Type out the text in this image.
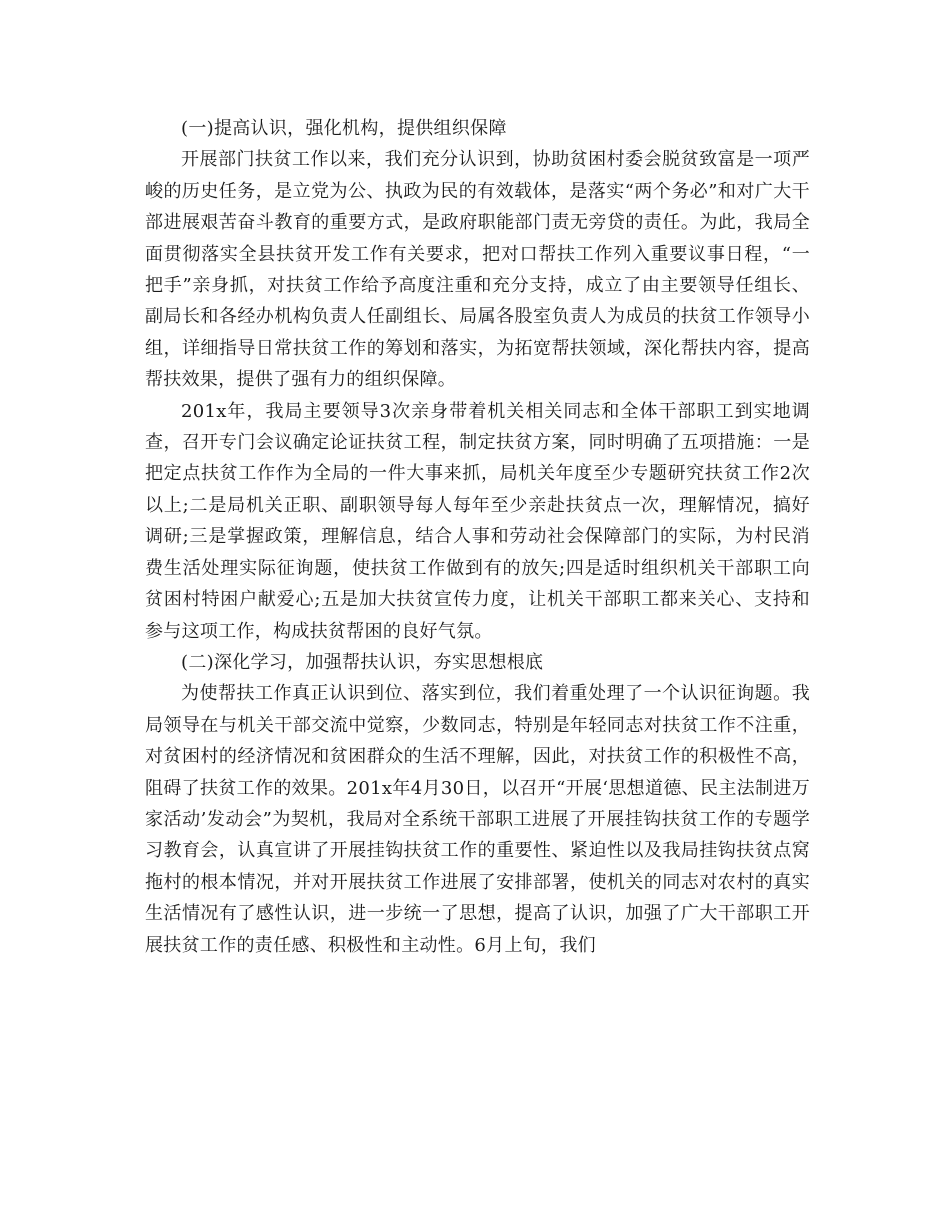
(一)提高认识，强化机构，提供组织保障

开展部门扶贫工作以来，我们充分认识到，协助贫困村委会脱贫致富是一项严峻的历史任务，是立党为公、执政为民的有效载体，是落实“两个务必”和对广大干部进展艰苦奋斗教育的重要方式，是政府职能部门责无旁贷的责任。为此，我局全面贯彻落实全县扶贫开发工作有关要求，把对口帮扶工作列入重要议事日程，“一把手”亲身抓，对扶贫工作给予高度注重和充分支持，成立了由主要领导任组长、副局长和各经办机构负责人任副组长、局属各股室负责人为成员的扶贫工作领导小组，详细指导日常扶贫工作的筹划和落实，为拓宽帮扶领域，深化帮扶内容，提高帮扶效果，提供了强有力的组织保障。

201x年，我局主要领导3次亲身带着机关相关同志和全体干部职工到实地调查，召开专门会议确定论证扶贫工程，制定扶贫方案，同时明确了五项措施：一是把定点扶贫工作作为全局的一件大事来抓，局机关年度至少专题研究扶贫工作2次以上;二是局机关正职、副职领导每人每年至少亲赴扶贫点一次，理解情况，搞好调研;三是掌握政策，理解信息，结合人事和劳动社会保障部门的实际，为村民消费生活处理实际征询题，使扶贫工作做到有的放矢;四是适时组织机关干部职工向贫困村特困户献爱心;五是加大扶贫宣传力度，让机关干部职工都来关心、支持和参与这项工作，构成扶贫帮困的良好气氛。

(二)深化学习，加强帮扶认识，夯实思想根底

为使帮扶工作真正认识到位、落实到位，我们着重处理了一个认识征询题。我局领导在与机关干部交流中觉察，少数同志，特别是年轻同志对扶贫工作不注重，对贫困村的经济情况和贫困群众的生活不理解，因此，对扶贫工作的积极性不高，阻碍了扶贫工作的效果。201x年4月30日，以召开“开展‘思想道德、民主法制进万家活动’发动会”为契机，我局对全系统干部职工进展了开展挂钩扶贫工作的专题学习教育会，认真宣讲了开展挂钩扶贫工作的重要性、紧迫性以及我局挂钩扶贫点窝拖村的根本情况，并对开展扶贫工作进展了安排部署，使机关的同志对农村的真实生活情况有了感性认识，进一步统一了思想，提高了认识，加强了广大干部职工开展扶贫工作的责任感、积极性和主动性。6月上旬，我们
